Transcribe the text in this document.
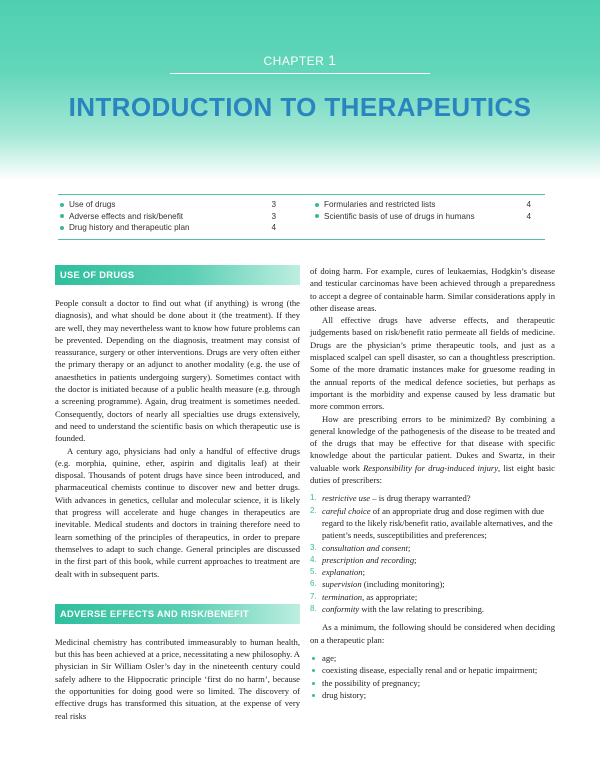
CHAPTER 1
INTRODUCTION TO THERAPEUTICS
Use of drugs	3
Adverse effects and risk/benefit	3
Drug history and therapeutic plan	4
Formularies and restricted lists	4
Scientific basis of use of drugs in humans	4
USE OF DRUGS

People consult a doctor to find out what (if anything) is wrong (the diagnosis), and what should be done about it (the treatment). If they are well, they may nevertheless want to know how future problems can be prevented. Depending on the diagnosis, treatment may consist of reassurance, surgery or other interventions. Drugs are very often either the primary therapy or an adjunct to another modality (e.g. the use of anaesthetics in patients undergoing surgery). Sometimes contact with the doctor is initiated because of a public health measure (e.g. through a screening programme). Again, drug treatment is sometimes needed. Consequently, doctors of nearly all specialties use drugs extensively, and need to understand the scientific basis on which therapeutic use is founded.

A century ago, physicians had only a handful of effective drugs (e.g. morphia, quinine, ether, aspirin and digitalis leaf) at their disposal. Thousands of potent drugs have since been introduced, and pharmaceutical chemists continue to discover new and better drugs. With advances in genetics, cellular and molecular science, it is likely that progress will accelerate and huge changes in therapeutics are inevitable. Medical students and doctors in training therefore need to learn something of the principles of therapeutics, in order to prepare themselves to adapt to such change. General principles are discussed in the first part of this book, while current approaches to treatment are dealt with in subsequent parts.

ADVERSE EFFECTS AND RISK/BENEFIT

Medicinal chemistry has contributed immeasurably to human health, but this has been achieved at a price, necessitating a new philosophy. A physician in Sir William Osler’s day in the nineteenth century could safely adhere to the Hippocratic principle ‘first do no harm’, because the opportunities for doing good were so limited. The discovery of effective drugs has transformed this situation, at the expense of very real risks

of doing harm. For example, cures of leukaemias, Hodgkin’s disease and testicular carcinomas have been achieved through a preparedness to accept a degree of containable harm. Similar considerations apply in other disease areas.

All effective drugs have adverse effects, and therapeutic judgements based on risk/benefit ratio permeate all fields of medicine. Drugs are the physician’s prime therapeutic tools, and just as a misplaced scalpel can spell disaster, so can a thoughtless prescription. Some of the more dramatic instances make for gruesome reading in the annual reports of the medical defence societies, but perhaps as important is the morbidity and expense caused by less dramatic but more common errors.

How are prescribing errors to be minimized? By combining a general knowledge of the pathogenesis of the disease to be treated and of the drugs that may be effective for that disease with specific knowledge about the particular patient. Dukes and Swartz, in their valuable work Responsibility for drug-induced injury, list eight basic duties of prescribers:

1. restrictive use – is drug therapy warranted?
2. careful choice of an appropriate drug and dose regimen with due regard to the likely risk/benefit ratio, available alternatives, and the patient’s needs, susceptibilities and preferences;
3. consultation and consent;
4. prescription and recording;
5. explanation;
6. supervision (including monitoring);
7. termination, as appropriate;
8. conformity with the law relating to prescribing.

As a minimum, the following should be considered when deciding on a therapeutic plan:

age;
coexisting disease, especially renal and or hepatic impairment;
the possibility of pregnancy;
drug history;
